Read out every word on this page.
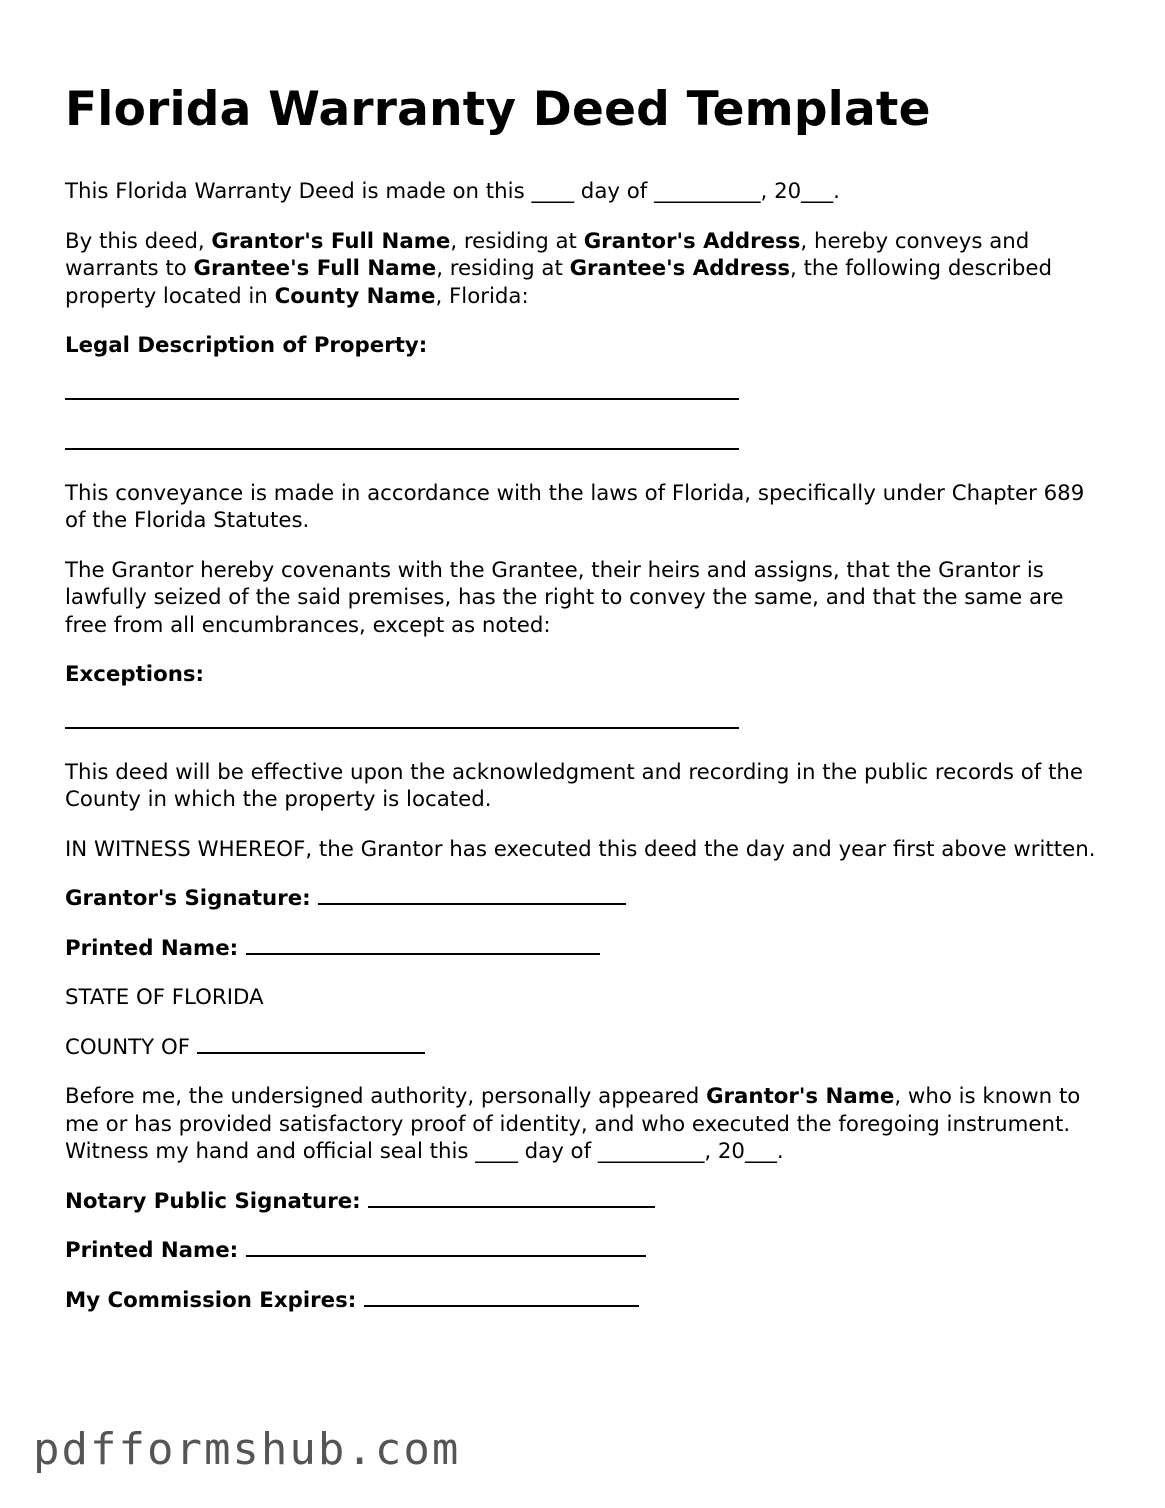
Florida Warranty Deed Template

This Florida Warranty Deed is made on this ____ day of __________, 20___.

By this deed, Grantor's Full Name, residing at Grantor's Address, hereby conveys and warrants to Grantee's Full Name, residing at Grantee's Address, the following described property located in County Name, Florida:

Legal Description of Property:

This conveyance is made in accordance with the laws of Florida, specifically under Chapter 689 of the Florida Statutes.

The Grantor hereby covenants with the Grantee, their heirs and assigns, that the Grantor is lawfully seized of the said premises, has the right to convey the same, and that the same are free from all encumbrances, except as noted:

Exceptions:

This deed will be effective upon the acknowledgment and recording in the public records of the County in which the property is located.

IN WITNESS WHEREOF, the Grantor has executed this deed the day and year first above written.

Grantor's Signature:

Printed Name:

STATE OF FLORIDA

COUNTY OF

Before me, the undersigned authority, personally appeared Grantor's Name, who is known to me or has provided satisfactory proof of identity, and who executed the foregoing instrument. Witness my hand and official seal this ____ day of __________, 20___.

Notary Public Signature:

Printed Name:

My Commission Expires:

pdfformshub.com
